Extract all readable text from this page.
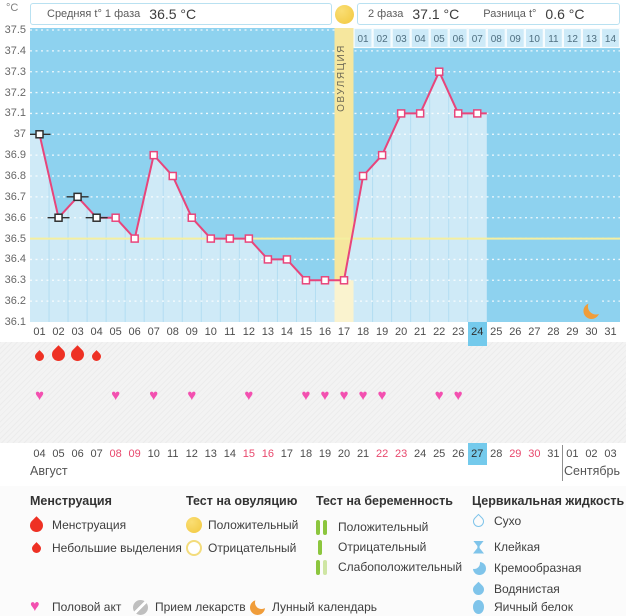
°C	Средняя t° 1 фаза 36.5 °C	2 фаза 37.1 °C Разница t° 0.6 °C
37.5
37.4
37.3
37.2
37.1
37
36.9
36.8
36.7
36.6
36.5
36.4
36.3
36.2
36.1
ОВУЛЯЦИЯ
01 02 03 04 05 06 07 08 09 10 11 12 13 14
01 02 03 04 05 06 07 08 09 10 11 12 13 14 15 16 17 18 19 20 21 22 23 24 25 26 27 28 29 30 31
♥	♥	♥	♥	♥	♥ ♥ ♥ ♥ ♥	♥ ♥
04 05 06 07 08 09 10 11 12 13 14 15 16 17 18 19 20 21 22 23 24 25 26 27 28 29 30 31 01 02 03
Август	Сентябрь
Менструация
Менструация
Небольшие выделения
Тест на овуляцию
Положительный
Отрицательный
Тест на беременность
Положительный
Отрицательный
Слабоположительный
Цервикальная жидкость
Сухо
Клейкая
Кремообразная
Водянистая
Яичный белок
♥ Половой акт	Прием лекарств Лунный календарь
